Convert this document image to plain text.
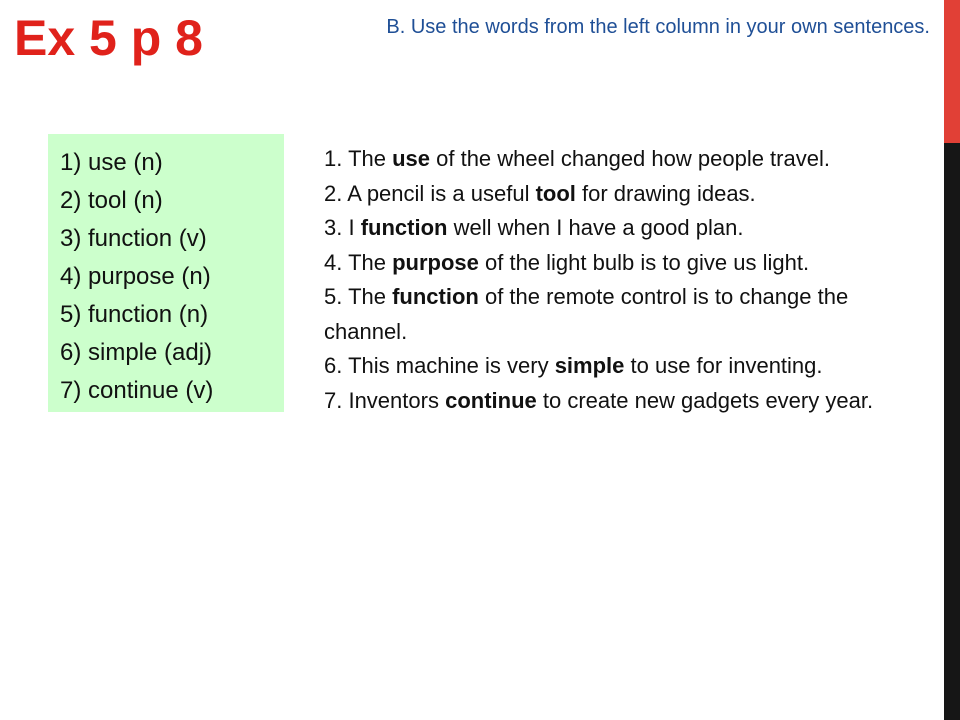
Ex 5 p 8	B. Use the words from the left column in your own sentences.
1) use (n)
2) tool (n)
3) function (v)
4) purpose (n)
5) function (n)
6) simple (adj)
7) continue (v)

1. The use of the wheel changed how people travel.

2. A pencil is a useful tool for drawing ideas.

3. I function well when I have a good plan.

4. The purpose of the light bulb is to give us light.

5. The function of the remote control is to change the channel.

6. This machine is very simple to use for inventing.

7. Inventors continue to create new gadgets every year.
